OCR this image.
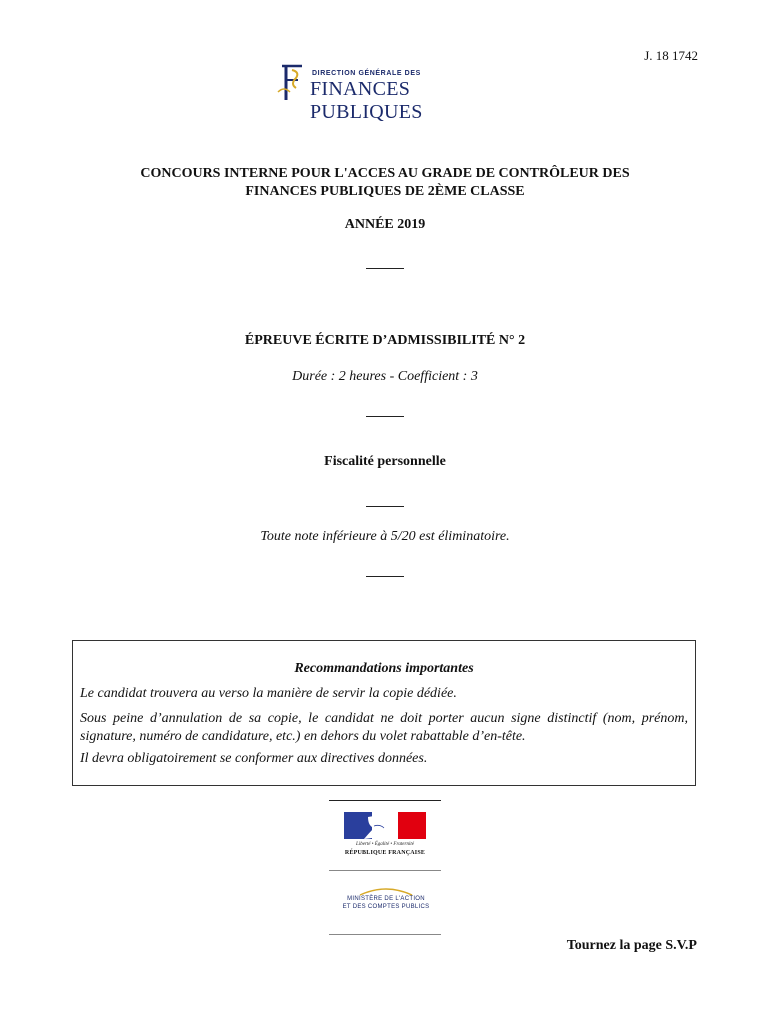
J. 18 1742
DIRECTION GÉNÉRALE DES
FINANCES PUBLIQUES
CONCOURS INTERNE POUR L'ACCES AU GRADE DE CONTRÔLEUR DES
FINANCES PUBLIQUES DE 2ÈME CLASSE
ANNÉE 2019
ÉPREUVE ÉCRITE D’ADMISSIBILITÉ N° 2
Durée : 2 heures - Coefficient : 3
Fiscalité personnelle
Toute note inférieure à 5/20 est éliminatoire.
Recommandations importantes
Le candidat trouvera au verso la manière de servir la copie dédiée.
Sous peine d’annulation de sa copie, le candidat ne doit porter aucun signe distinctif (nom, prénom, signature, numéro de candidature, etc.) en dehors du volet rabattable d’en-tête.
Il devra obligatoirement se conformer aux directives données.
Liberté • Égalité • Fraternité
RÉPUBLIQUE FRANÇAISE
MINISTÈRE DE L'ACTION
ET DES COMPTES PUBLICS
Tournez la page S.V.P
